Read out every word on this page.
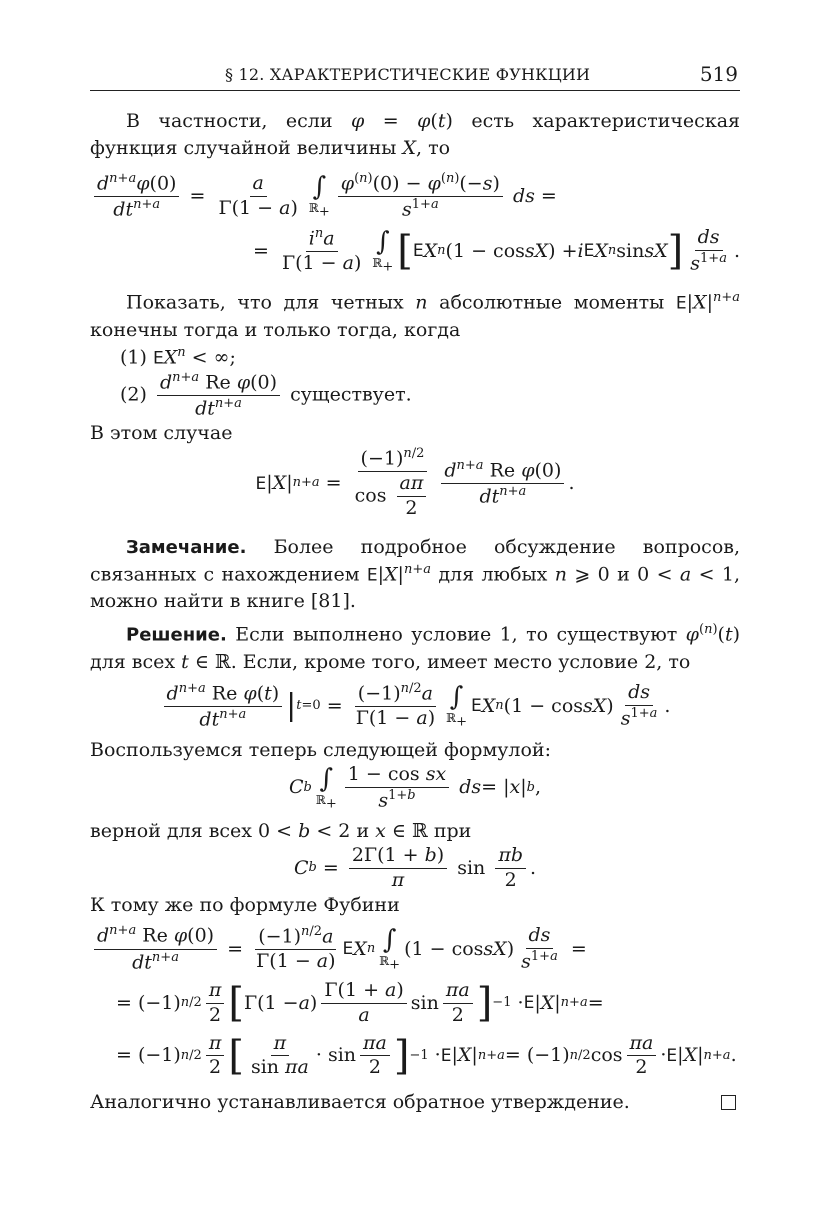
§ 12. ХАРАКТЕРИСТИЧЕСКИЕ ФУНКЦИИ	519

В частности, если φ = φ(t) есть характеристическая функция случайной величины X, то

$\frac{d^{n+a}\varphi(0)}{dt^{n+a}} = \frac{a}{\Gamma(1 - a)}$ ∫
ℝ$_+$ $\frac{\varphi^{(n)}(0) - \varphi^{(n)}(-s)}{s^{1+a}}$
ds =
= $\frac{i^na}{\Gamma(1 - a)}$ ∫
ℝ$_+$ [ E X n (1 − cos sX ) + i E X n sin sX ] $\frac{ds}{s^{1+a}}$ .

Показать, что для четных n абсолютные моменты $E|X|^{n+a}$ конечны тогда и только тогда, когда

(1) $EX^n$ < ∞;
$(2) \frac{d^{n+a} Re \varphi(0)}{dt^{n+a}}$ существует.

В этом случае

E | X | $n+a = \frac{(-1)^{n/2}}{\cos \frac{a\pi}{2}} \frac{d^{n+a} Re \varphi(0)}{dt^{n+a}}$ .

Замечание. Более подробное обсуждение вопросов, связанных с нахождением $E|X|^{n+a}$ для любых n ⩾ 0 и 0 < a < 1, можно найти в книге [81].

Решение. Если выполнено условие 1, то существуют $\varphi^{(n)}(t)$ для всех t ∈ ℝ. Если, кроме того, имеет место условие 2, то

$\frac{d^{n+a} Re \varphi(t)}{dt^{n+a}}$ | $t=0 = \frac{(-1)^{n/2}a}{\Gamma(1 - a)}$ ∫
ℝ$_+$
E X n (1 − cos sX ) $\frac{ds}{s^{1+a}}$ .

Воспользуемся теперь следующей формулой:

C b ∫
ℝ$_+$ $\frac{\text{1 − cos sx}}{s^{1+b}}$
ds = | x | b ,

верной для всех 0 < b < 2 и x ∈ ℝ при

C $b = \frac{2\Gamma(1 + b)}{\pi}$ $\sin \frac{\pi b}{2}$ .

К тому же по формуле Фубини

$\frac{d^{n+a} Re \varphi(0)}{dt^{n+a}} = \frac{(-1)^{n/2}a}{\Gamma(1 - a)}$ E X n ∫
ℝ$_+$
(1 − cos sX ) $\frac{ds}{s^{1+a}}$ =
= (−1) $n/2 \frac{\pi}{2}$ [ Γ(1 − a ) $\frac{\Gamma(1 + a)}{a}$ $\sin \frac{\pi a}{2}$ ] −1 · E | X | n+a =
= (−1) $n/2 \frac{\pi}{2}$ [ $\frac{\pi}{\text{sin πa}} \cdot \sin \frac{\pi a}{2}$ ] −1 · E | X | n+a = (−1) n/2 $\cos \frac{\pi a}{2} \cdot E$ | X | n+a .

Аналогично устанавливается обратное утверждение.
